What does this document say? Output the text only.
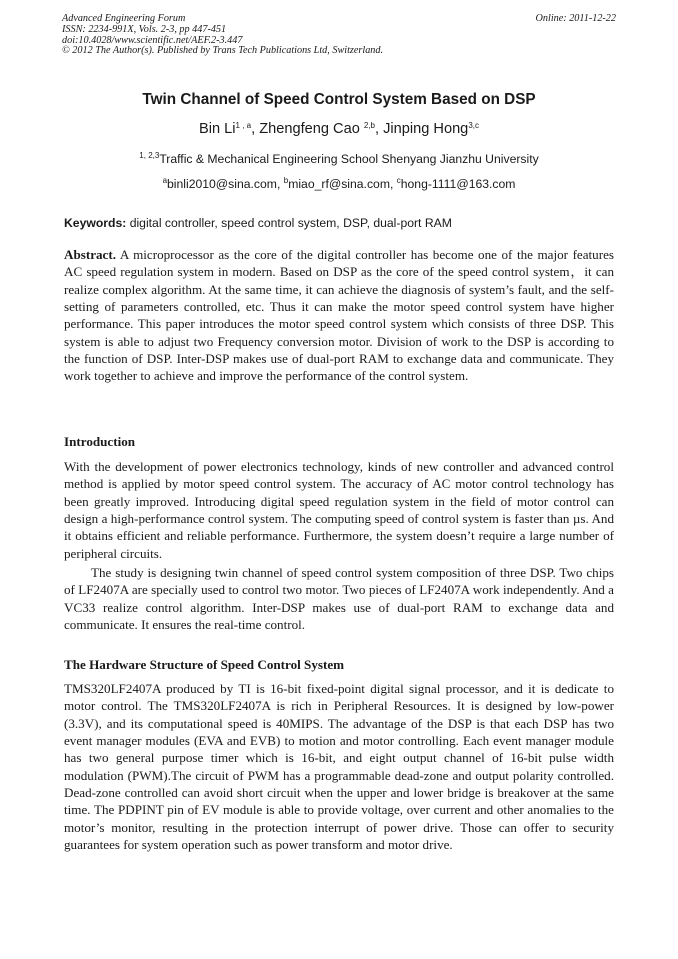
Advanced Engineering Forum
ISSN: 2234-991X, Vols. 2-3, pp 447-451
doi:10.4028/www.scientific.net/AEF.2-3.447
© 2012 The Author(s). Published by Trans Tech Publications Ltd, Switzerland.
Online: 2011-12-22
Twin Channel of Speed Control System Based on DSP
Bin Li$^{1 , a}$, Zhengfeng Cao $^{2,b}$, Jinping Hong$^{3,c}$
$^{1, 2,3}$Traffic & Mechanical Engineering School Shenyang Jianzhu University
$^a$binli2010@sina.com, $^b$miao_rf@sina.com, $^c$hong-1111@163.com
Keywords: digital controller, speed control system, DSP, dual-port RAM

Abstract. A microprocessor as the core of the digital controller has become one of the major features AC speed regulation system in modern. Based on DSP as the core of the speed control system，it can realize complex algorithm. At the same time, it can achieve the diagnosis of system’s fault, and the self-setting of parameters controlled, etc. Thus it can make the motor speed control system have higher performance. This paper introduces the motor speed control system which consists of three DSP. This system is able to adjust two Frequency conversion motor. Division of work to the DSP is according to the function of DSP. Inter-DSP makes use of dual-port RAM to exchange data and communicate. They work together to achieve and improve the performance of the control system.

Introduction

With the development of power electronics technology, kinds of new controller and advanced control method is applied by motor speed control system. The accuracy of AC motor control technology has been greatly improved. Introducing digital speed regulation system in the field of motor control can design a high-performance control system. The computing speed of control system is faster than µs. And it obtains efficient and reliable performance. Furthermore, the system doesn’t require a large number of peripheral circuits.

The study is designing twin channel of speed control system composition of three DSP. Two chips of LF2407A are specially used to control two motor. Two pieces of LF2407A work independently. And a VC33 realize control algorithm. Inter-DSP makes use of dual-port RAM to exchange data and communicate. It ensures the real-time control.

The Hardware Structure of Speed Control System

TMS320LF2407A produced by TI is 16-bit fixed-point digital signal processor, and it is dedicate to motor control. The TMS320LF2407A is rich in Peripheral Resources. It is designed by low-power (3.3V), and its computational speed is 40MIPS. The advantage of the DSP is that each DSP has two event manager modules (EVA and EVB) to motion and motor controlling. Each event manager module has two general purpose timer which is 16-bit, and eight output channel of 16-bit pulse width modulation (PWM).The circuit of PWM has a programmable dead-zone and output polarity controlled. Dead-zone controlled can avoid short circuit when the upper and lower bridge is breakover at the same time. The PDPINT pin of EV module is able to provide voltage, over current and other anomalies to the motor’s monitor, resulting in the protection interrupt of power drive. Those can offer to security guarantees for system operation such as power transform and motor drive.
